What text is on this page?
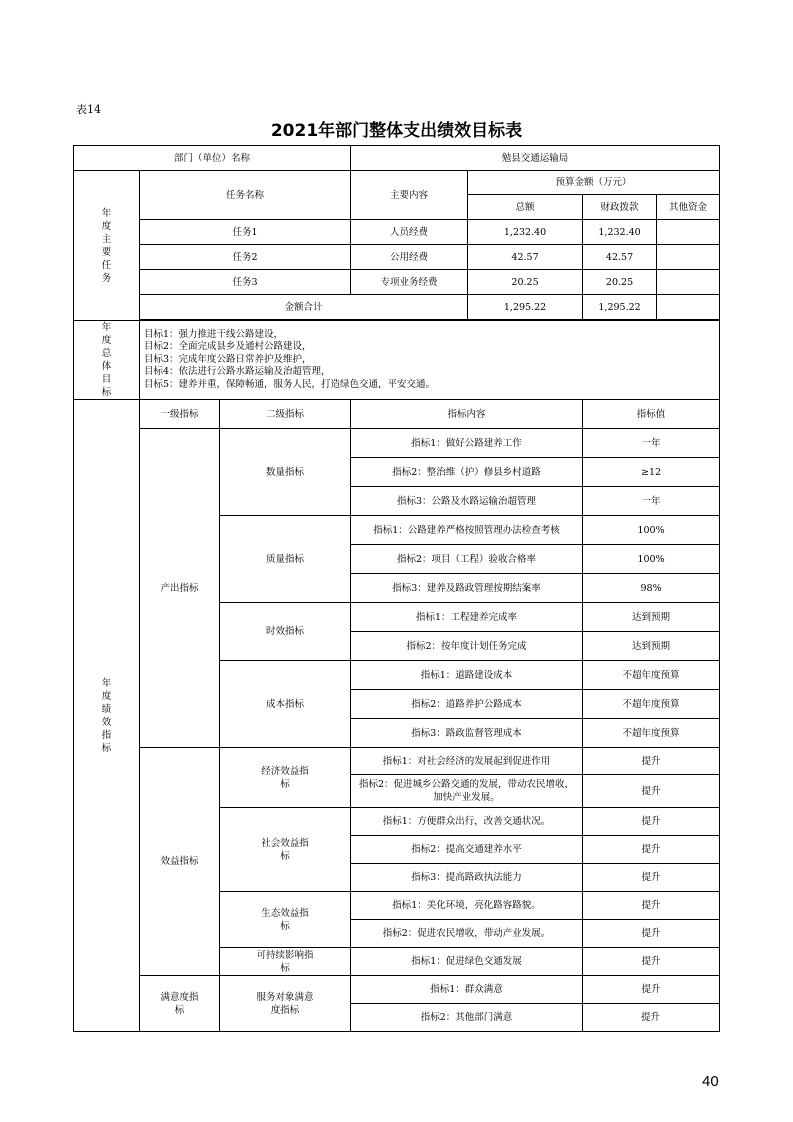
表14
2021年部门整体支出绩效目标表
部门（单位）名称			勉县交通运输局			
年度主要任务	任务名称		主要内容	预算金额（万元）		
				总额	财政拨款	其他资金
	任务1		人员经费	1,232.40	1,232.40	
	任务2		公用经费	42.57	42.57	
	任务3		专项业务经费	20.25	20.25	
	金额合计			1,295.22	1,295.22	

年度总体目标	目标1：强力推进干线公路建设，
目标2：全面完成县乡及通村公路建设，
目标3：完成年度公路日常养护及维护，
目标4：依法进行公路水路运输及治超管理，
目标5：建养并重，保障畅通，服务人民，打造绿色交通，平安交通。					

年度绩效指标	一级指标	二级指标	指标内容		指标值	
	产出指标	数量指标	指标1：做好公路建养工作		一年	
			指标2：整治维（护）修县乡村道路		≥12	
			指标3：公路及水路运输治超管理		一年	
		质量指标	指标1：公路建养严格按照管理办法检查考核		100%	
			指标2：项目（工程）验收合格率		100%	
			指标3：建养及路政管理按期结案率		98%	
		时效指标	指标1：工程建养完成率		达到预期	
			指标2：按年度计划任务完成		达到预期	
		成本指标	指标1：道路建设成本		不超年度预算	
			指标2：道路养护公路成本		不超年度预算	
			指标3：路政监督管理成本		不超年度预算	
	效益指标	经济效益指标	指标1：对社会经济的发展起到促进作用		提升	
			指标2：促进城乡公路交通的发展，带动农民增收，加快产业发展。		提升	
		社会效益指标	指标1：方便群众出行，改善交通状况。		提升	
			指标2：提高交通建养水平		提升	
			指标3：提高路政执法能力		提升	
		生态效益指标	指标1：美化环境，亮化路容路貌。		提升	
			指标2：促进农民增收，带动产业发展。		提升	
		可持续影响指标	指标1：促进绿色交通发展		提升	
	满意度指标	服务对象满意度指标	指标1：群众满意		提升	
			指标2：其他部门满意		提升	
40
